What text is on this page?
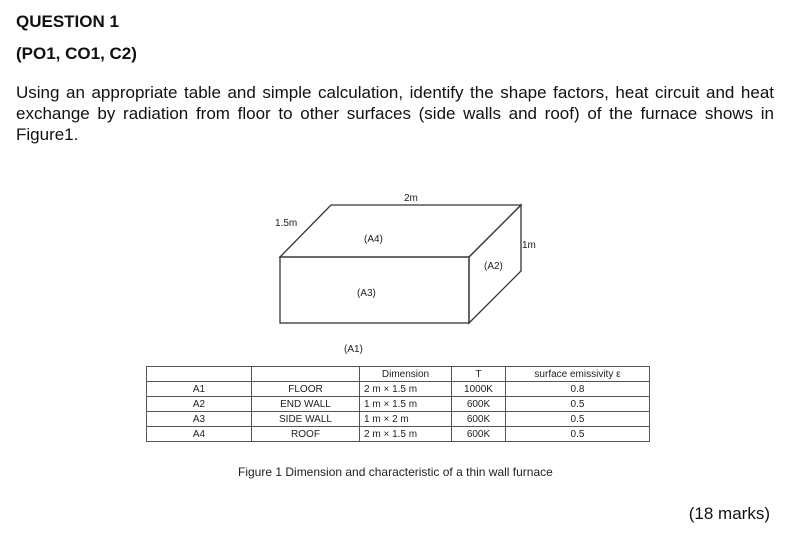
QUESTION 1
(PO1, CO1, C2)
Using an appropriate table and simple calculation, identify the shape factors, heat circuit and heat exchange by radiation from floor to other surfaces (side walls and roof) of the furnace shows in Figure1.
2m
1.5m
1m
(A4)
(A2)
(A3)
(A1)
		Dimension	T	surface emissivity ε
A1	FLOOR	2 m × 1.5 m	1000K	0.8
A2	END WALL	1 m × 1.5 m	600K	0.5
A3	SIDE WALL	1 m × 2 m	600K	0.5
A4	ROOF	2 m × 1.5 m	600K	0.5
Figure 1 Dimension and characteristic of a thin wall furnace
(18 marks)
